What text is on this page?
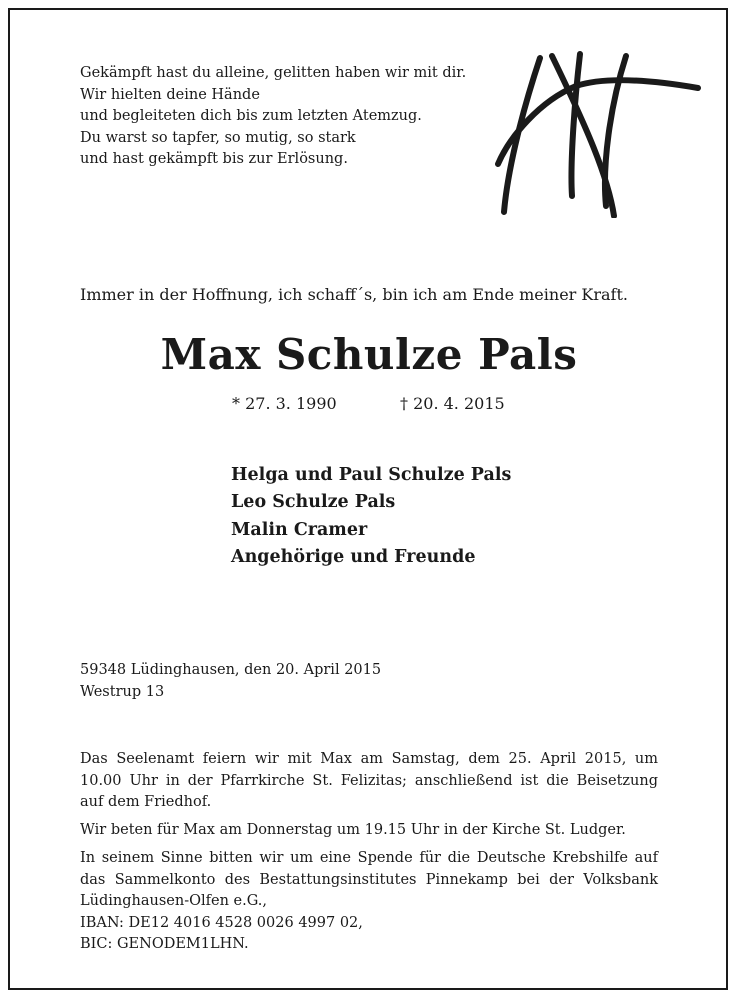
Gekämpft hast du alleine, gelitten haben wir mit dir.
Wir hielten deine Hände
und begleiteten dich bis zum letzten Atemzug.
Du warst so tapfer, so mutig, so stark
und hast gekämpft bis zur Erlösung.
Immer in der Hoffnung, ich schaff´s, bin ich am Ende meiner Kraft.
Max Schulze Pals
* 27. 3. 1990	† 20. 4. 2015
Helga und Paul Schulze Pals
Leo Schulze Pals
Malin Cramer
Angehörige und Freunde
59348 Lüdinghausen, den 20. April 2015
Westrup 13
Das Seelenamt feiern wir mit Max am Samstag, dem 25. April 2015, um
10.00 Uhr in der Pfarrkirche St. Felizitas; anschließend ist die Beisetzung
auf dem Friedhof.
Wir beten für Max am Donnerstag um 19.15 Uhr in der Kirche St. Ludger.
In seinem Sinne bitten wir um eine Spende für die Deutsche Krebshilfe auf
das Sammelkonto des Bestattungsinstitutes Pinnekamp bei der Volksbank
Lüdinghausen-Olfen e.G.,
IBAN: DE12 4016 4528 0026 4997 02,
BIC: GENODEM1LHN.
